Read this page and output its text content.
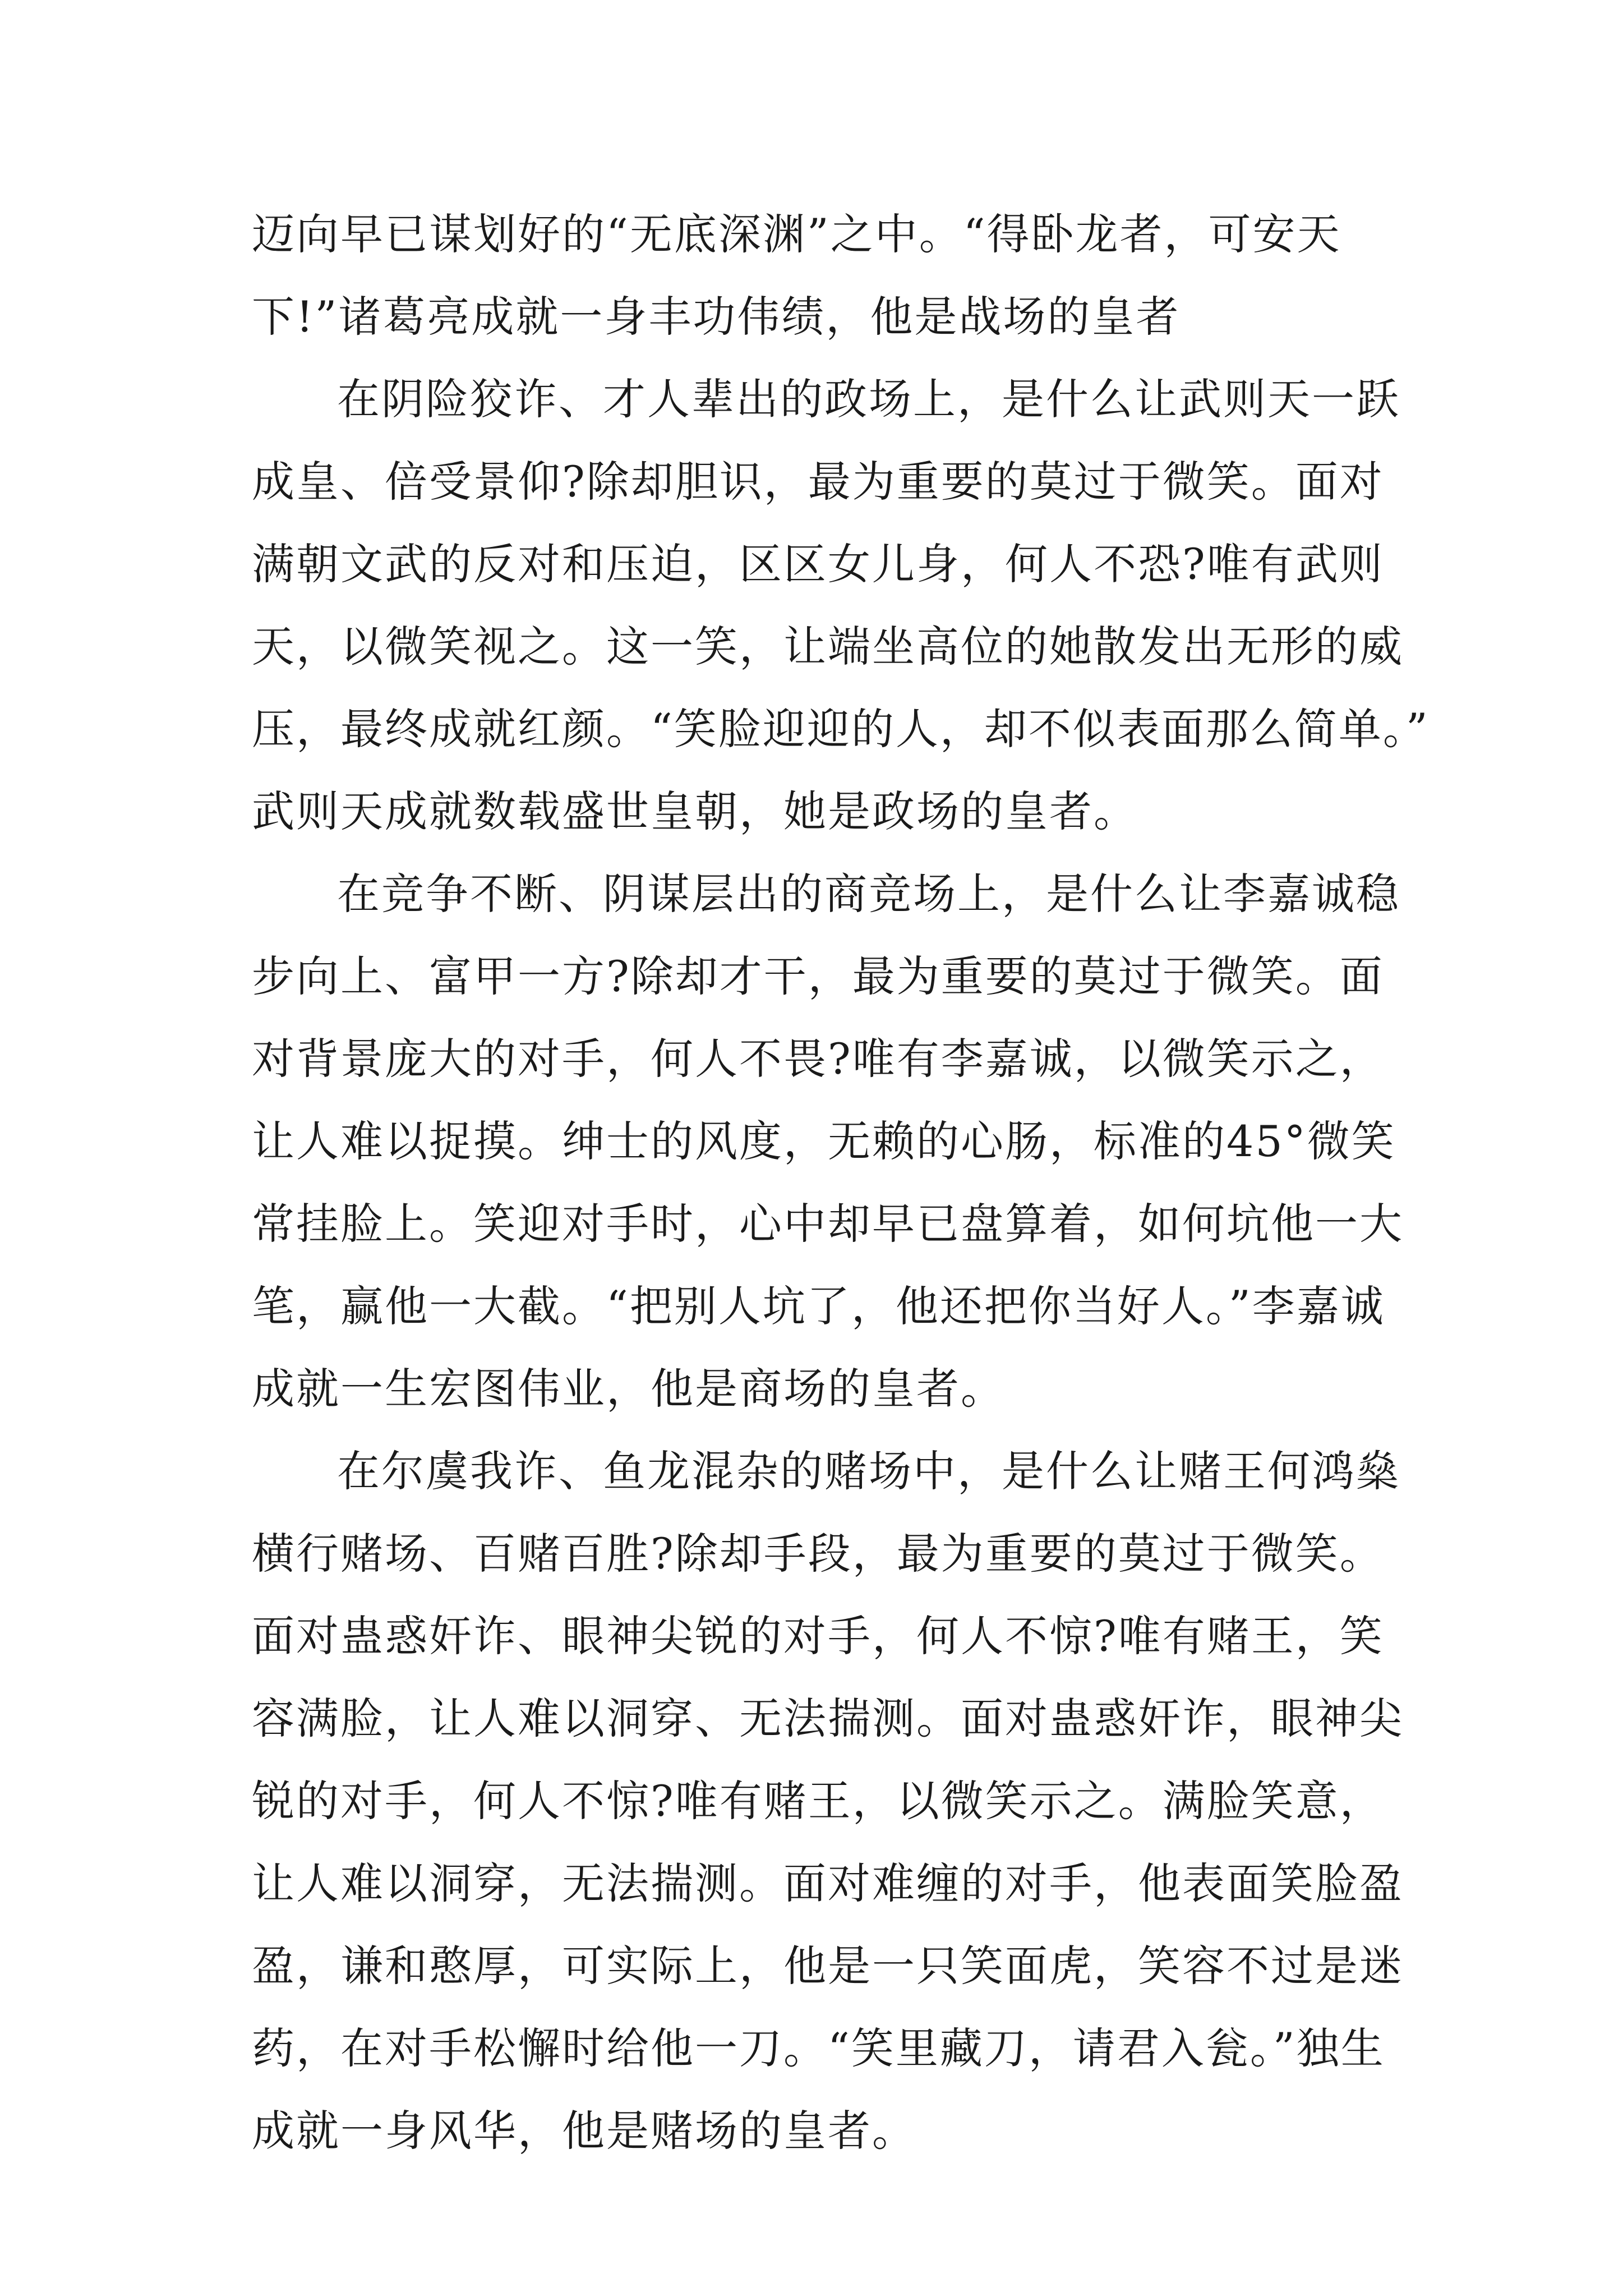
迈向早已谋划好的“无底深渊”之中。“得卧龙者，可安天
下!”诸葛亮成就一身丰功伟绩，他是战场的皇者
在阴险狡诈、才人辈出的政场上，是什么让武则天一跃
成皇、倍受景仰?除却胆识，最为重要的莫过于微笑。面对
满朝文武的反对和压迫，区区女儿身，何人不恐?唯有武则
天，以微笑视之。这一笑，让端坐高位的她散发出无形的威
压，最终成就红颜。“笑脸迎迎的人，却不似表面那么简单。”
武则天成就数载盛世皇朝，她是政场的皇者。
在竞争不断、阴谋层出的商竞场上，是什么让李嘉诚稳
步向上、富甲一方?除却才干，最为重要的莫过于微笑。面
对背景庞大的对手，何人不畏?唯有李嘉诚，以微笑示之，
让人难以捉摸。绅士的风度，无赖的心肠，标准的45°微笑
常挂脸上。笑迎对手时，心中却早已盘算着，如何坑他一大
笔，赢他一大截。“把别人坑了，他还把你当好人。”李嘉诚
成就一生宏图伟业，他是商场的皇者。
在尔虞我诈、鱼龙混杂的赌场中，是什么让赌王何鸿燊
横行赌场、百赌百胜?除却手段，最为重要的莫过于微笑。
面对蛊惑奸诈、眼神尖锐的对手，何人不惊?唯有赌王，笑
容满脸，让人难以洞穿、无法揣测。面对蛊惑奸诈，眼神尖
锐的对手，何人不惊?唯有赌王，以微笑示之。满脸笑意，
让人难以洞穿，无法揣测。面对难缠的对手，他表面笑脸盈
盈，谦和憨厚，可实际上，他是一只笑面虎，笑容不过是迷
药，在对手松懈时给他一刀。“笑里藏刀，请君入瓮。”独生
成就一身风华，他是赌场的皇者。
